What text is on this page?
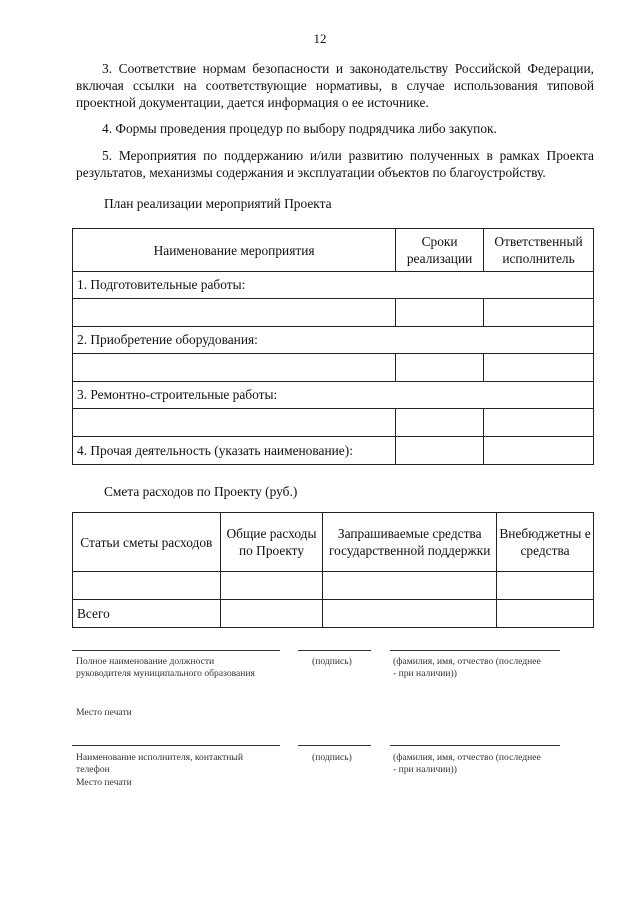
12

3. Соответствие нормам безопасности и законодательству Российской Федерации, включая ссылки на соответствующие нормативы, в случае использования типовой проектной документации, дается информация о ее источнике.

4. Формы проведения процедур по выбору подрядчика либо закупок.

5. Мероприятия по поддержанию и/или развитию полученных в рамках Проекта результатов, механизмы содержания и эксплуатации объектов по благоустройству.

План реализации мероприятий Проекта
Наименование мероприятия	Сроки реализации	Ответственный исполнитель
1. Подготовительные работы:		

2. Приобретение оборудования:		

3. Ремонтно-строительные работы:		

4. Прочая деятельность (указать наименование):		
Смета расходов по Проекту (руб.)
Статьи сметы расходов	Общие расходы по Проекту	Запрашиваемые средства государственной поддержки	Внебюджетны е средства

Всего			
Полное наименование должности руководителя муниципального образования
(подпись)	(фамилия, имя, отчество (последнее - при наличии))
Место печати
Наименование исполнителя, контактный телефон
(подпись)	(фамилия, имя, отчество (последнее - при наличии))
Место печати
